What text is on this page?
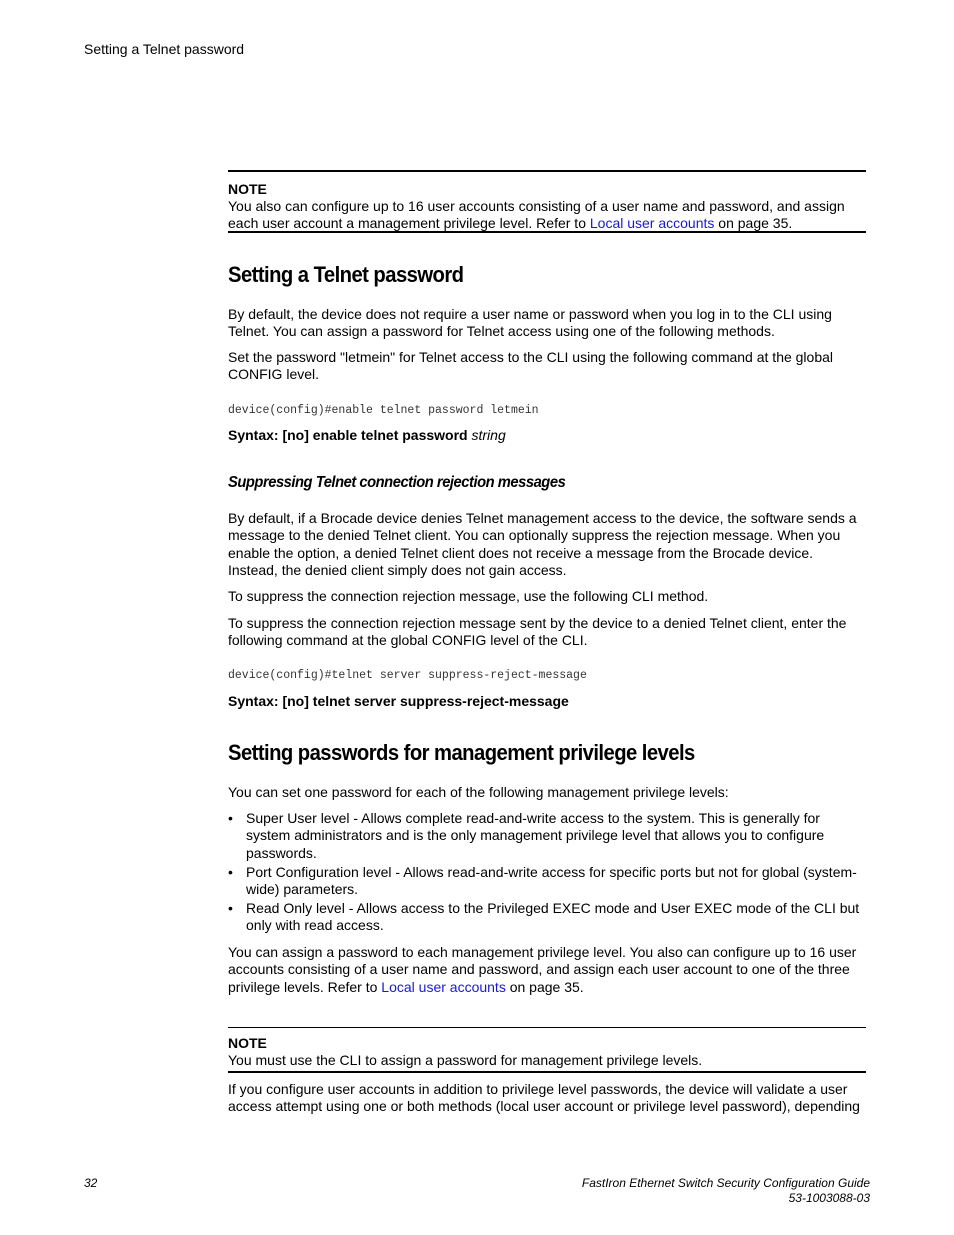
Setting a Telnet password
NOTE

You also can configure up to 16 user accounts consisting of a user name and password, and assign each user account a management privilege level. Refer to Local user accounts on page 35.

Setting a Telnet password

By default, the device does not require a user name or password when you log in to the CLI using Telnet. You can assign a password for Telnet access using one of the following methods.

Set the password "letmein" for Telnet access to the CLI using the following command at the global CONFIG level.

device(config)#enable telnet password letmein
Syntax: [no] enable telnet password string
Suppressing Telnet connection rejection messages

By default, if a Brocade device denies Telnet management access to the device, the software sends a message to the denied Telnet client. You can optionally suppress the rejection message. When you enable the option, a denied Telnet client does not receive a message from the Brocade device. Instead, the denied client simply does not gain access.

To suppress the connection rejection message, use the following CLI method.

To suppress the connection rejection message sent by the device to a denied Telnet client, enter the following command at the global CONFIG level of the CLI.

device(config)#telnet server suppress-reject-message
Syntax: [no] telnet server suppress-reject-message
Setting passwords for management privilege levels

You can set one password for each of the following management privilege levels:

• Super User level - Allows complete read-and-write access to the system. This is generally for system administrators and is the only management privilege level that allows you to configure passwords.
• Port Configuration level - Allows read-and-write access for specific ports but not for global (system-wide) parameters.
• Read Only level - Allows access to the Privileged EXEC mode and User EXEC mode of the CLI but only with read access.

You can assign a password to each management privilege level. You also can configure up to 16 user accounts consisting of a user name and password, and assign each user account to one of the three privilege levels. Refer to Local user accounts on page 35.

NOTE

You must use the CLI to assign a password for management privilege levels.

If you configure user accounts in addition to privilege level passwords, the device will validate a user access attempt using one or both methods (local user account or privilege level password), depending

32	FastIron Ethernet Switch Security Configuration Guide
53-1003088-03
